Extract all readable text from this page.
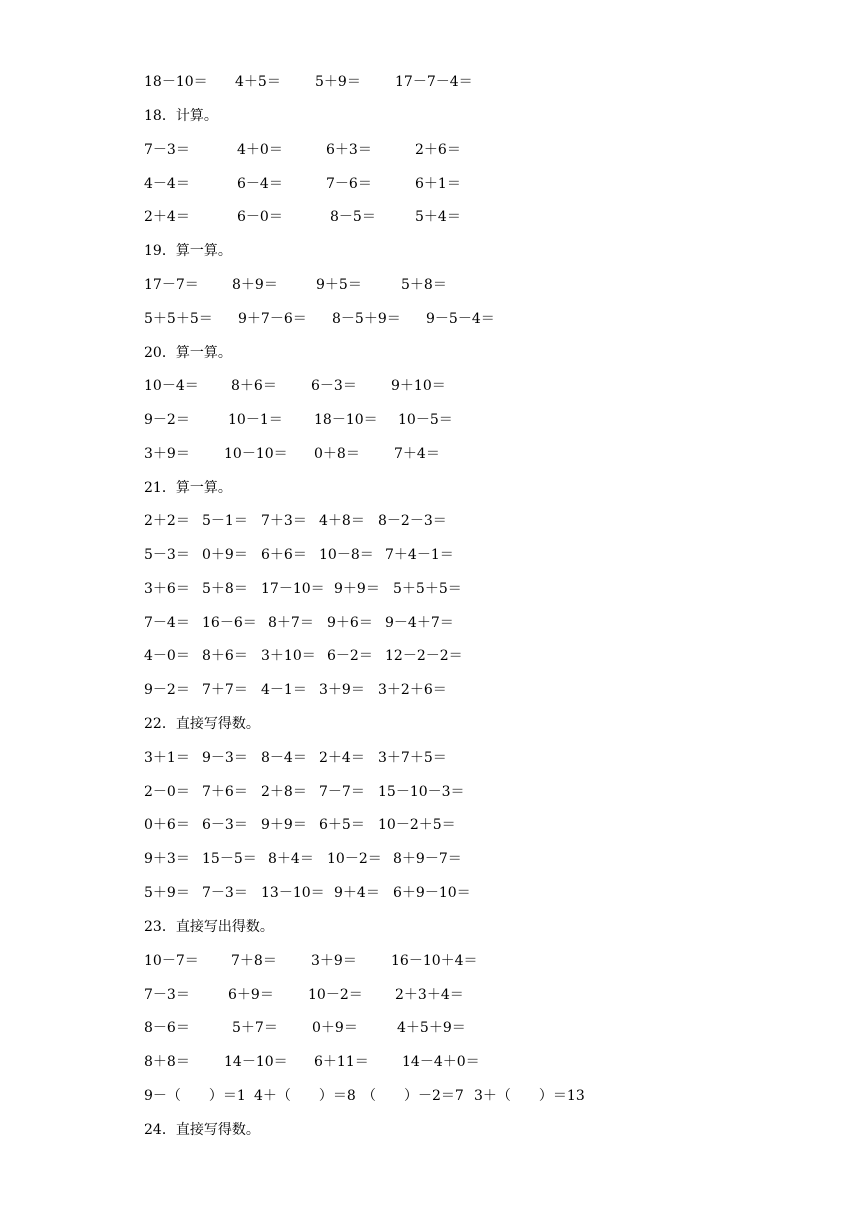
18－10＝ 4＋5＝ 5＋9＝ 17－7－4＝
18．计算。
7－3＝	4＋0＝	6＋3＝	2＋6＝
4－4＝	6－4＝	7－6＝	6＋1＝
2＋4＝	6－0＝	8－5＝	5＋4＝
19．算一算。
17－7＝ 8＋9＝	9＋5＝	5＋8＝
5＋5＋5＝ 9＋7－6＝ 8－5＋9＝ 9－5－4＝
20．算一算。
10－4＝ 8＋6＝ 6－3＝ 9＋10＝
9－2＝	10－1＝ 18－10＝ 10－5＝
3＋9＝ 10－10＝ 0＋8＝ 7＋4＝
21．算一算。
2＋2＝ 5－1＝ 7＋3＝ 4＋8＝ 8－2－3＝
5－3＝ 0＋9＝ 6＋6＝ 10－8＝ 7＋4－1＝
3＋6＝ 5＋8＝ 17－10＝ 9＋9＝ 5＋5＋5＝
7－4＝ 16－6＝ 8＋7＝ 9＋6＝ 9－4＋7＝
4－0＝ 8＋6＝ 3＋10＝ 6－2＝ 12－2－2＝
9－2＝ 7＋7＝ 4－1＝ 3＋9＝ 3＋2＋6＝
22．直接写得数。
3＋1＝ 9－3＝ 8－4＝ 2＋4＝ 3＋7＋5＝
2－0＝ 7＋6＝ 2＋8＝ 7－7＝ 15－10－3＝
0＋6＝ 6－3＝ 9＋9＝ 6＋5＝ 10－2＋5＝
9＋3＝ 15－5＝ 8＋4＝ 10－2＝ 8＋9－7＝
5＋9＝ 7－3＝ 13－10＝ 9＋4＝ 6＋9－10＝
23．直接写出得数。
10－7＝ 7＋8＝ 3＋9＝ 16－10＋4＝
7－3＝	6＋9＝ 10－2＝ 2＋3＋4＝
8－6＝	5＋7＝ 0＋9＝	4＋5＋9＝
8＋8＝ 14－10＝ 6＋11＝ 14－4＋0＝
9－（　　）＝1 4＋（　　）＝8 （　　）－2＝7 3＋（　　）＝13
24．直接写得数。
